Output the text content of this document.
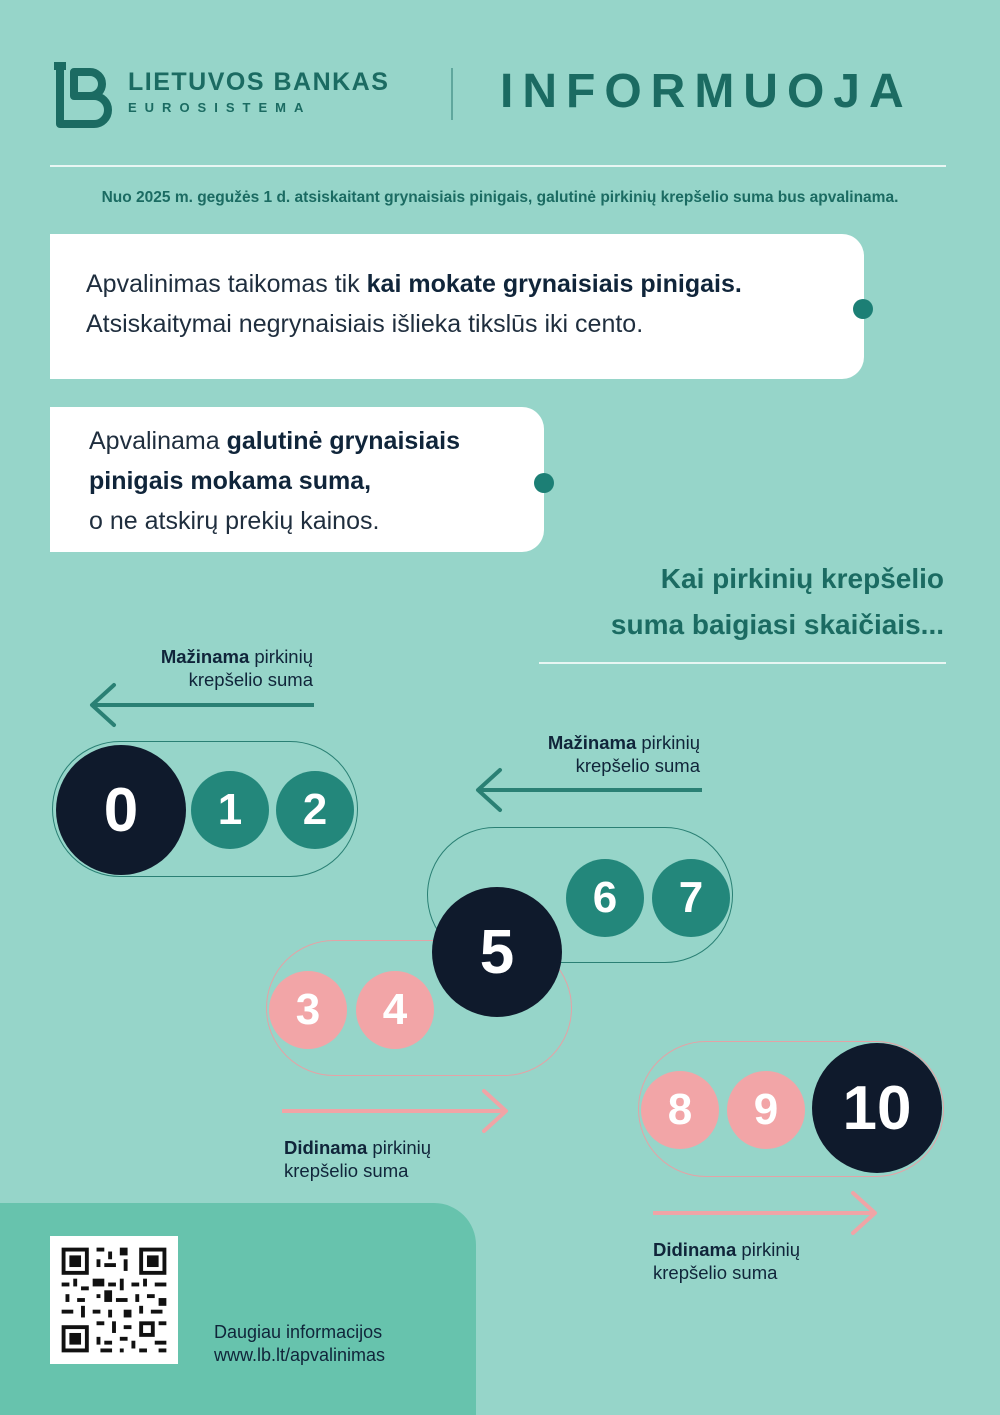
LIETUVOS BANKAS
EUROSISTEMA	INFORMUOJA
Nuo 2025 m. gegužės 1 d. atsiskaitant grynaisiais pinigais, galutinė pirkinių krepšelio suma bus apvalinama.
Apvalinimas taikomas tik kai mokate grynaisiais pinigais.
Atsiskaitymai negrynaisiais išlieka tikslūs iki cento.
Apvalinama galutinė grynaisiais
pinigais mokama suma,
o ne atskirų prekių kainos.
Kai pirkinių krepšelio
suma baigiasi skaičiais...
Mažinama pirkinių
krepšelio suma
0	1	2
Mažinama pirkinių
krepšelio suma
3	4
5
6	7
Didinama pirkinių
krepšelio suma
8	9	10
Didinama pirkinių
krepšelio suma
Daugiau informacijos
www.lb.lt/apvalinimas
